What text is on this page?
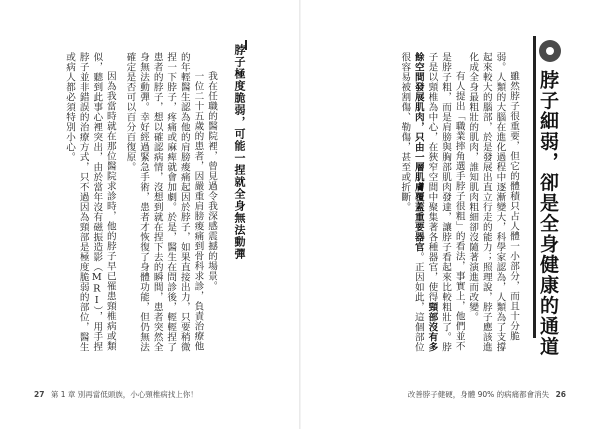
脖子極度脆弱，可能一捏就全身無法動彈

我在任職的醫院裡，曾見過令我深感震撼的場景。

一位二十五歲的患者，因嚴重肩膀痠痛到骨科求診，負責治療他的年輕醫生認為他的肩膀痠痛起因於脖子，如果直接出力，只要稍微捏一下脖子，疼痛或麻痺就會加劇。於是，醫生在問診後，輕輕捏了患者的脖子，想以確認病情，沒想到就在捏下去的瞬間，患者突然全身無法動彈。幸好經過緊急手術，患者才恢復了身體功能，但仍無法確定是否可以百分百復原。

因為我當時就在那位醫院求診時，他的脖子早已罹患頸椎病或類似，聽到此事心裡突出，由於當年沒有磁振造影（MRI），用手捏脖子並非錯誤的治療方式，只不過因為頸部是極度脆弱的部位，醫生或病人都必須特別小心。

27 第 1 章 別再當低頭族，小心頸椎病找上你！
脖子細弱，卻是全身健康的通道

雖然脖子很重要，但它的體積只占人體一小部分，而且十分脆弱。人類的大腦在進化過程中逐漸變大，科學家認為，人類為了支撐起來較大的腦部，於是發展出直立行走的能力；照理說，脖子應該進化成全身最粗壯的肌肉，誰知肌肉粗細卻沒隨著演進而改變。

有人提出「職業摔角選手脖子很粗」的看法，事實上，他們並不是脖子粗，而是肩膀與胸部肌肉發達，讓脖子看起來比較粗壯了。脖子是以頸椎為中心，在狹窄空間中聚集著各種器官，使得頸部沒有多餘空間發展肌肉，只由一層肌膚覆蓋重要器官。正因如此，這個部位很容易被割傷、勒傷，甚至或折斷。

改善脖子健硬，身體 90% 的病痛都會消失 26
